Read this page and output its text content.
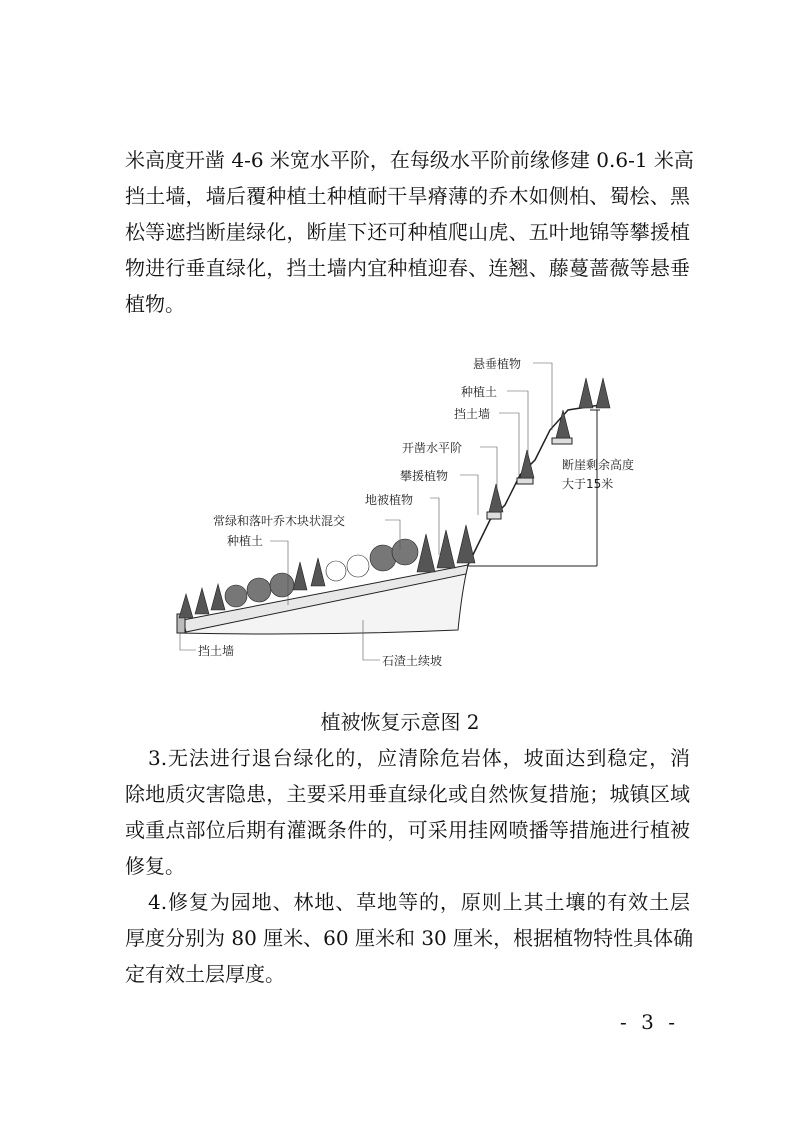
米高度开凿 4-6 米宽水平阶，在每级水平阶前缘修建 0.6-1 米高
挡土墙，墙后覆种植土种植耐干旱瘠薄的乔木如侧柏、蜀桧、黑
松等遮挡断崖绿化，断崖下还可种植爬山虎、五叶地锦等攀援植
物进行垂直绿化，挡土墙内宜种植迎春、连翘、藤蔓蔷薇等悬垂
植物。
悬垂植物
种植土
挡土墙
开凿水平阶
攀援植物
地被植物
常绿和落叶乔木块状混交
种植土
断崖剩余高度
大于15米
挡土墙
石渣土续坡
植被恢复示意图 2
3.无法进行退台绿化的，应清除危岩体，坡面达到稳定，消
除地质灾害隐患，主要采用垂直绿化或自然恢复措施；城镇区域
或重点部位后期有灌溉条件的，可采用挂网喷播等措施进行植被
修复。
4.修复为园地、林地、草地等的，原则上其土壤的有效土层
厚度分别为 80 厘米、60 厘米和 30 厘米，根据植物特性具体确
定有效土层厚度。
- 3 -
